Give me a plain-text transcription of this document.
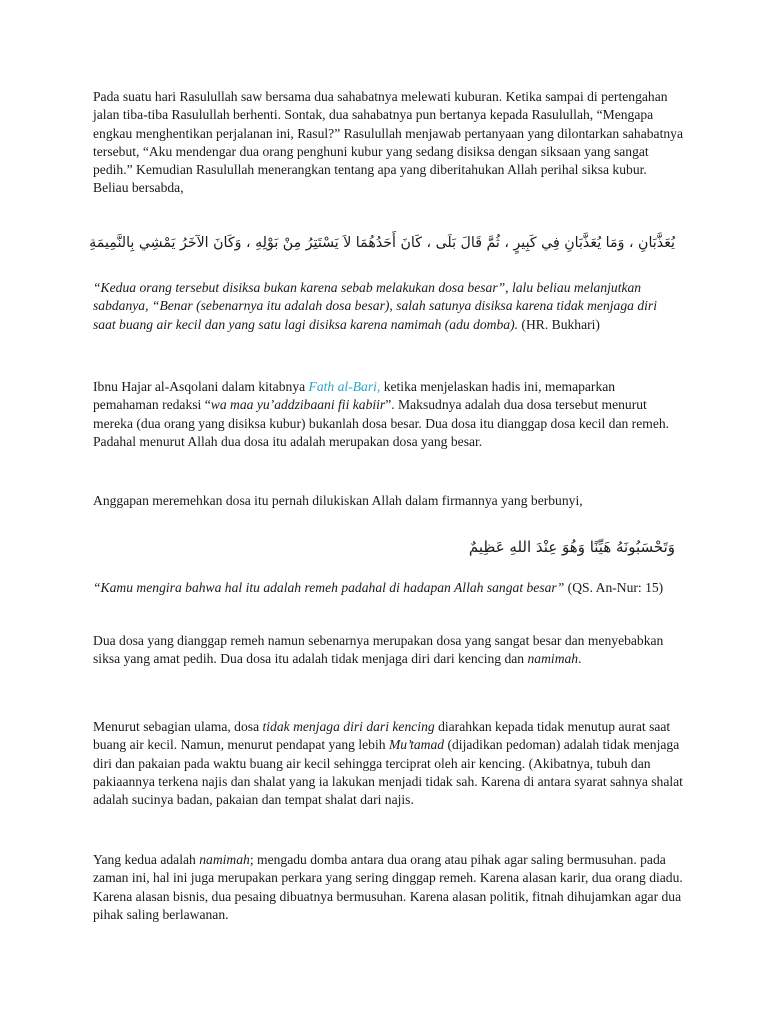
Pada suatu hari Rasulullah saw bersama dua sahabatnya melewati kuburan. Ketika sampai di pertengahan jalan tiba-tiba Rasulullah berhenti. Sontak, dua sahabatnya pun bertanya kepada Rasulullah, “Mengapa engkau menghentikan perjalanan ini, Rasul?” Rasulullah menjawab pertanyaan yang dilontarkan sahabatnya tersebut, “Aku mendengar dua orang penghuni kubur yang sedang disiksa dengan siksaan yang sangat pedih.” Kemudian Rasulullah menerangkan tentang apa yang diberitahukan Allah perihal siksa kubur. Beliau bersabda,

يُعَذَّبَانِ ، وَمَا يُعَذَّبَانِ فِي كَبِيرٍ ، ثُمَّ قَالَ بَلَى ، كَانَ أَحَدُهُمَا لاَ يَسْتَتِرُ مِنْ بَوْلِهِ ، وَكَانَ الآخَرُ يَمْشِي بِالنَّمِيمَةِ

“Kedua orang tersebut disiksa bukan karena sebab melakukan dosa besar”, lalu beliau melanjutkan sabdanya, “Benar (sebenarnya itu adalah dosa besar), salah satunya disiksa karena tidak menjaga diri saat buang air kecil dan yang satu lagi disiksa karena namimah (adu domba). (HR. Bukhari)

Ibnu Hajar al-Asqolani dalam kitabnya Fath al-Bari, ketika menjelaskan hadis ini, memaparkan pemahaman redaksi “wa maa yu’addzibaani fii kabiir”. Maksudnya adalah dua dosa tersebut menurut mereka (dua orang yang disiksa kubur) bukanlah dosa besar. Dua dosa itu dianggap dosa kecil dan remeh. Padahal menurut Allah dua dosa itu adalah merupakan dosa yang besar.

Anggapan meremehkan dosa itu pernah dilukiskan Allah dalam firmannya yang berbunyi,

وَتَحْسَبُونَهُ هَيِّنًا وَهُوَ عِنْدَ اللهِ عَظِيمٌ

“Kamu mengira bahwa hal itu adalah remeh padahal di hadapan Allah sangat besar” (QS. An-Nur: 15)

Dua dosa yang dianggap remeh namun sebenarnya merupakan dosa yang sangat besar dan menyebabkan siksa yang amat pedih. Dua dosa itu adalah tidak menjaga diri dari kencing dan namimah.

Menurut sebagian ulama, dosa tidak menjaga diri dari kencing diarahkan kepada tidak menutup aurat saat buang air kecil. Namun, menurut pendapat yang lebih Mu’tamad (dijadikan pedoman) adalah tidak menjaga diri dan pakaian pada waktu buang air kecil sehingga terciprat oleh air kencing. (Akibatnya, tubuh dan pakiaannya terkena najis dan shalat yang ia lakukan menjadi tidak sah. Karena di antara syarat sahnya shalat adalah sucinya badan, pakaian dan tempat shalat dari najis.

Yang kedua adalah namimah; mengadu domba antara dua orang atau pihak agar saling bermusuhan. pada zaman ini, hal ini juga merupakan perkara yang sering dinggap remeh. Karena alasan karir, dua orang diadu. Karena alasan bisnis, dua pesaing dibuatnya bermusuhan. Karena alasan politik, fitnah dihujamkan agar dua pihak saling berlawanan.
